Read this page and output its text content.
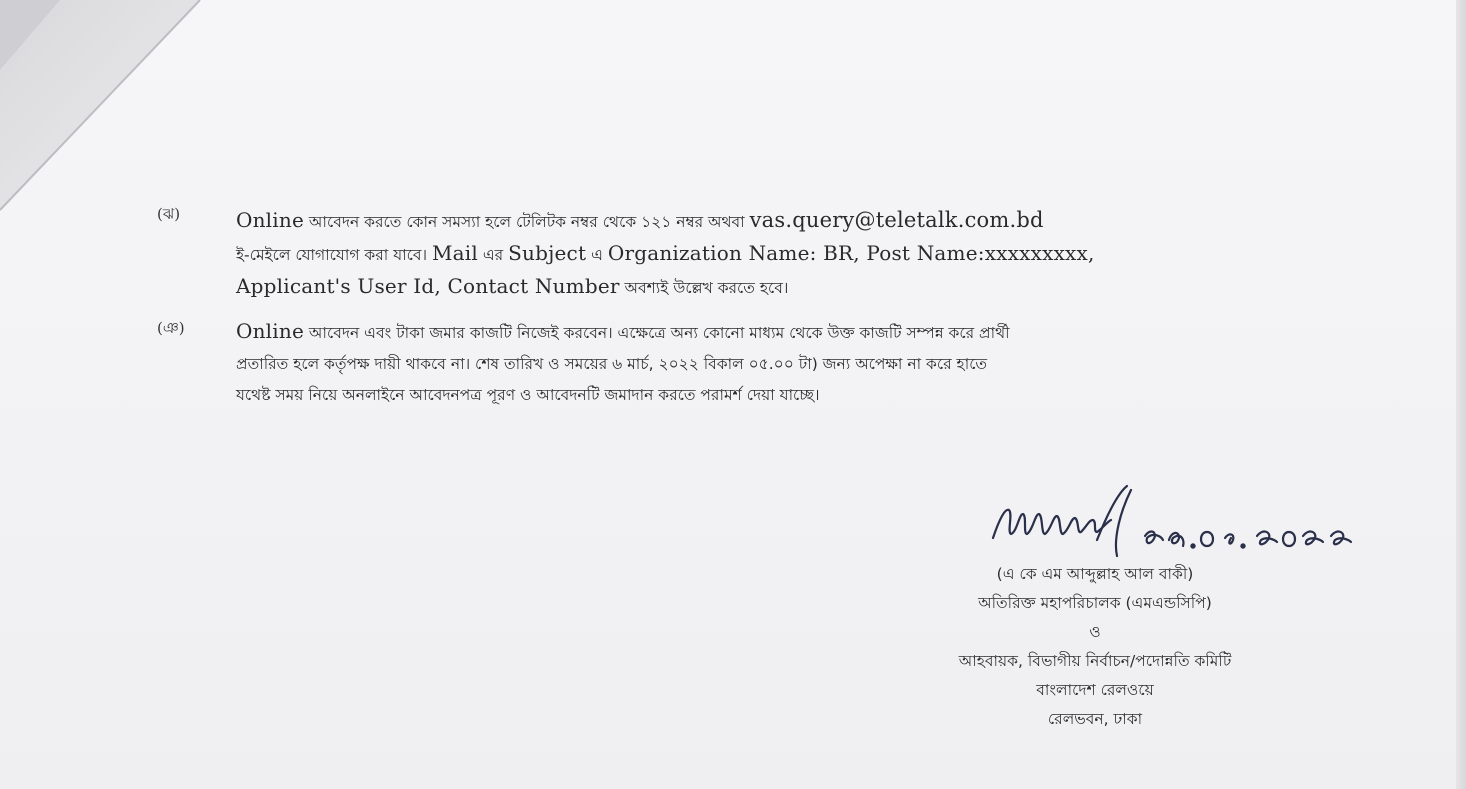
(ঝ)	Online আবেদন করতে কোন সমস্যা হলে টেলিটক নম্বর থেকে ১২১ নম্বর অথবা vas.query@teletalk.com.bd
ই-মেইলে যোগাযোগ করা যাবে। Mail এর Subject এ Organization Name: BR, Post Name:xxxxxxxxx,
Applicant's User Id, Contact Number অবশ্যই উল্লেখ করতে হবে।
(ঞ)	Online আবেদন এবং টাকা জমার কাজটি নিজেই করবেন। এক্ষেত্রে অন্য কোনো মাধ্যম থেকে উক্ত কাজটি সম্পন্ন করে প্রার্থী
প্রতারিত হলে কর্তৃপক্ষ দায়ী থাকবে না। শেষ তারিখ ও সময়ের ৬ মার্চ, ২০২২ বিকাল ০৫.০০ টা) জন্য অপেক্ষা না করে হাতে
যথেষ্ট সময় নিয়ে অনলাইনে আবেদনপত্র পূরণ ও আবেদনটি জমাদান করতে পরামর্শ দেয়া যাচ্ছে।
(এ কে এম আব্দুল্লাহ আল বাকী)
অতিরিক্ত মহাপরিচালক (এমএন্ডসিপি)
ও
আহবায়ক, বিভাগীয় নির্বাচন/পদোন্নতি কমিটি
বাংলাদেশ রেলওয়ে
রেলভবন, ঢাকা
